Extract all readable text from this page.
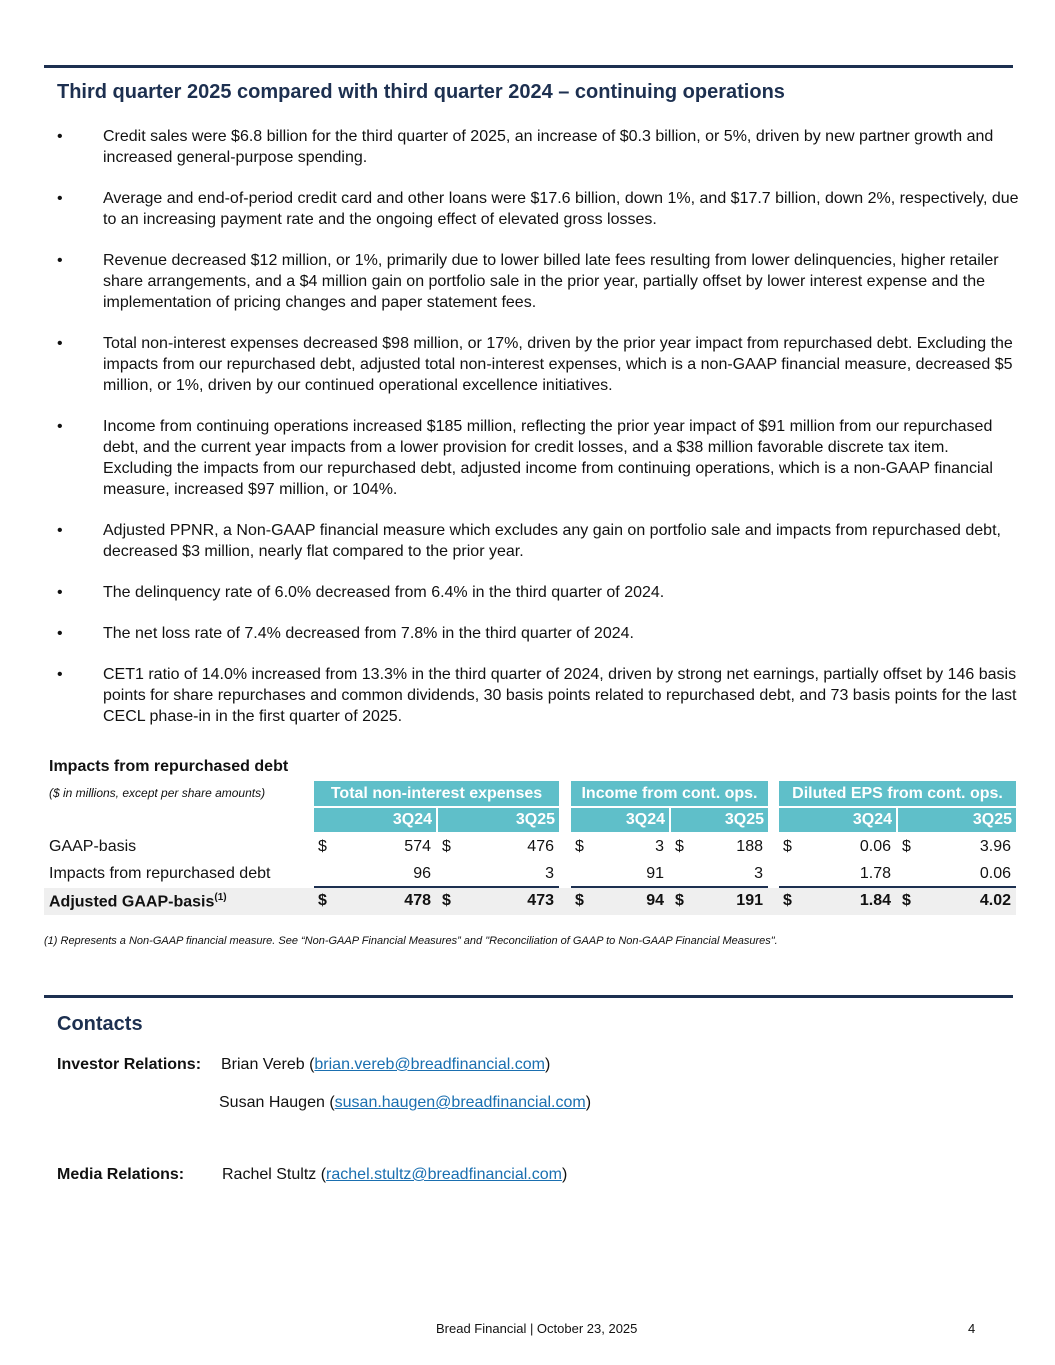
Third quarter 2025 compared with third quarter 2024 – continuing operations
•	Credit sales were $6.8 billion for the third quarter of 2025, an increase of $0.3 billion, or 5%, driven by new partner growth and increased general-purpose spending.
•	Average and end-of-period credit card and other loans were $17.6 billion, down 1%, and $17.7 billion, down 2%, respectively, due to an increasing payment rate and the ongoing effect of elevated gross losses.
•	Revenue decreased $12 million, or 1%, primarily due to lower billed late fees resulting from lower delinquencies, higher retailer share arrangements, and a $4 million gain on portfolio sale in the prior year, partially offset by lower interest expense and the implementation of pricing changes and paper statement fees.
•	Total non-interest expenses decreased $98 million, or 17%, driven by the prior year impact from repurchased debt. Excluding the impacts from our repurchased debt, adjusted total non-interest expenses, which is a non-GAAP financial measure, decreased $5 million, or 1%, driven by our continued operational excellence initiatives.
•	Income from continuing operations increased $185 million, reflecting the prior year impact of $91 million from our repurchased debt, and the current year impacts from a lower provision for credit losses, and a $38 million favorable discrete tax item. Excluding the impacts from our repurchased debt, adjusted income from continuing operations, which is a non-GAAP financial measure, increased $97 million, or 104%.
•	Adjusted PPNR, a Non-GAAP financial measure which excludes any gain on portfolio sale and impacts from repurchased debt, decreased $3 million, nearly flat compared to the prior year.
•	The delinquency rate of 6.0% decreased from 6.4% in the third quarter of 2024.
•	The net loss rate of 7.4% decreased from 7.8% in the third quarter of 2024.
•	CET1 ratio of 14.0% increased from 13.3% in the third quarter of 2024, driven by strong net earnings, partially offset by 146 basis points for share repurchases and common dividends, 30 basis points related to repurchased debt, and 73 basis points for the last CECL phase-in in the first quarter of 2025.
Impacts from repurchased debt
($ in millions, except per share amounts)	Total non-interest expenses	Income from cont. ops.	Diluted EPS from cont. ops.
3Q24	3Q25	3Q24	3Q25	3Q24	3Q25
GAAP-basis	$	574 $	476 $	3 $	188 $	0.06 $	3.96
Impacts from repurchased debt	96	3	91	3	1.78	0.06
Adjusted GAAP-basis$^{(1)}$	$	478 $	473 $	94 $	191 $	1.84 $	4.02
(1) Represents a Non-GAAP financial measure. See “Non-GAAP Financial Measures” and "Reconciliation of GAAP to Non-GAAP Financial Measures".
Contacts
Investor Relations: Brian Vereb (brian.vereb@breadfinancial.com)
Susan Haugen (susan.haugen@breadfinancial.com)
Media Relations: Rachel Stultz (rachel.stultz@breadfinancial.com)
Bread Financial | October 23, 2025	4
